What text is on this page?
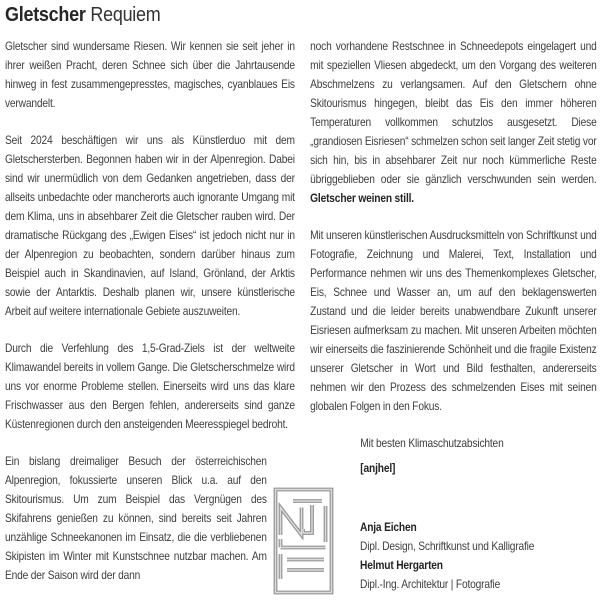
Gletscher Requiem

Gletscher sind wundersame Riesen. Wir kennen sie seit jeher in ihrer weißen Pracht, deren Schnee sich über die Jahrtausende hinweg in fest zusammengepresstes, magisches, cyanblaues Eis verwandelt.

Seit 2024 beschäftigen wir uns als Künstlerduo mit dem Gletschersterben. Begonnen haben wir in der Alpenregion. Dabei sind wir unermüdlich von dem Gedanken angetrieben, dass der allseits unbedachte oder mancherorts auch ignorante Umgang mit dem Klima, uns in absehbarer Zeit die Gletscher rauben wird. Der dramatische Rückgang des „Ewigen Eises“ ist jedoch nicht nur in der Alpenregion zu beobachten, sondern darüber hinaus zum Beispiel auch in Skandinavien, auf Island, Grönland, der Arktis sowie der Antarktis. Deshalb planen wir, unsere künstlerische Arbeit auf weitere internationale Gebiete auszuweiten.

Durch die Verfehlung des 1,5-Grad-Ziels ist der weltweite Klimawandel bereits in vollem Gange. Die Gletscherschmelze wird uns vor enorme Probleme stellen. Einerseits wird uns das klare Frischwasser aus den Bergen fehlen, andererseits sind ganze Küstenregionen durch den ansteigenden Meeresspiegel bedroht.

Ein bislang dreimaliger Besuch der österreichischen Alpenregion, fokussierte unseren Blick u.a. auf den Skitourismus. Um zum Beispiel das Vergnügen des Skifahrens genießen zu können, sind bereits seit Jahren unzählige Schneekanonen im Einsatz, die die verbliebenen Skipisten im Winter mit Kunstschnee nutzbar machen. Am Ende der Saison wird der dann

noch vorhandene Restschnee in Schneedepots eingelagert und mit speziellen Vliesen abgedeckt, um den Vorgang des weiteren Abschmelzens zu verlangsamen. Auf den Gletschern ohne Skitourismus hingegen, bleibt das Eis den immer höheren Temperaturen vollkommen schutzlos ausgesetzt. Diese „grandiosen Eisriesen“ schmelzen schon seit langer Zeit stetig vor sich hin, bis in absehbarer Zeit nur noch kümmerliche Reste übriggeblieben oder sie gänzlich verschwunden sein werden. Gletscher weinen still.

Mit unseren künstlerischen Ausdrucksmitteln von Schriftkunst und Fotografie, Zeichnung und Malerei, Text, Installation und Performance nehmen wir uns des Themenkomplexes Gletscher, Eis, Schnee und Wasser an, um auf den beklagenswerten Zustand und die leider bereits unabwendbare Zukunft unserer Eisriesen aufmerksam zu machen. Mit unseren Arbeiten möchten wir einerseits die faszinierende Schönheit und die fragile Existenz unserer Gletscher in Wort und Bild festhalten, andererseits nehmen wir den Prozess des schmelzenden Eises mit seinen globalen Folgen in den Fokus.

Mit besten Klimaschutzabsichten

[anjhel]

Anja Eichen

Dipl. Design, Schriftkunst und Kalligrafie

Helmut Hergarten

Dipl.-Ing. Architektur | Fotografie
